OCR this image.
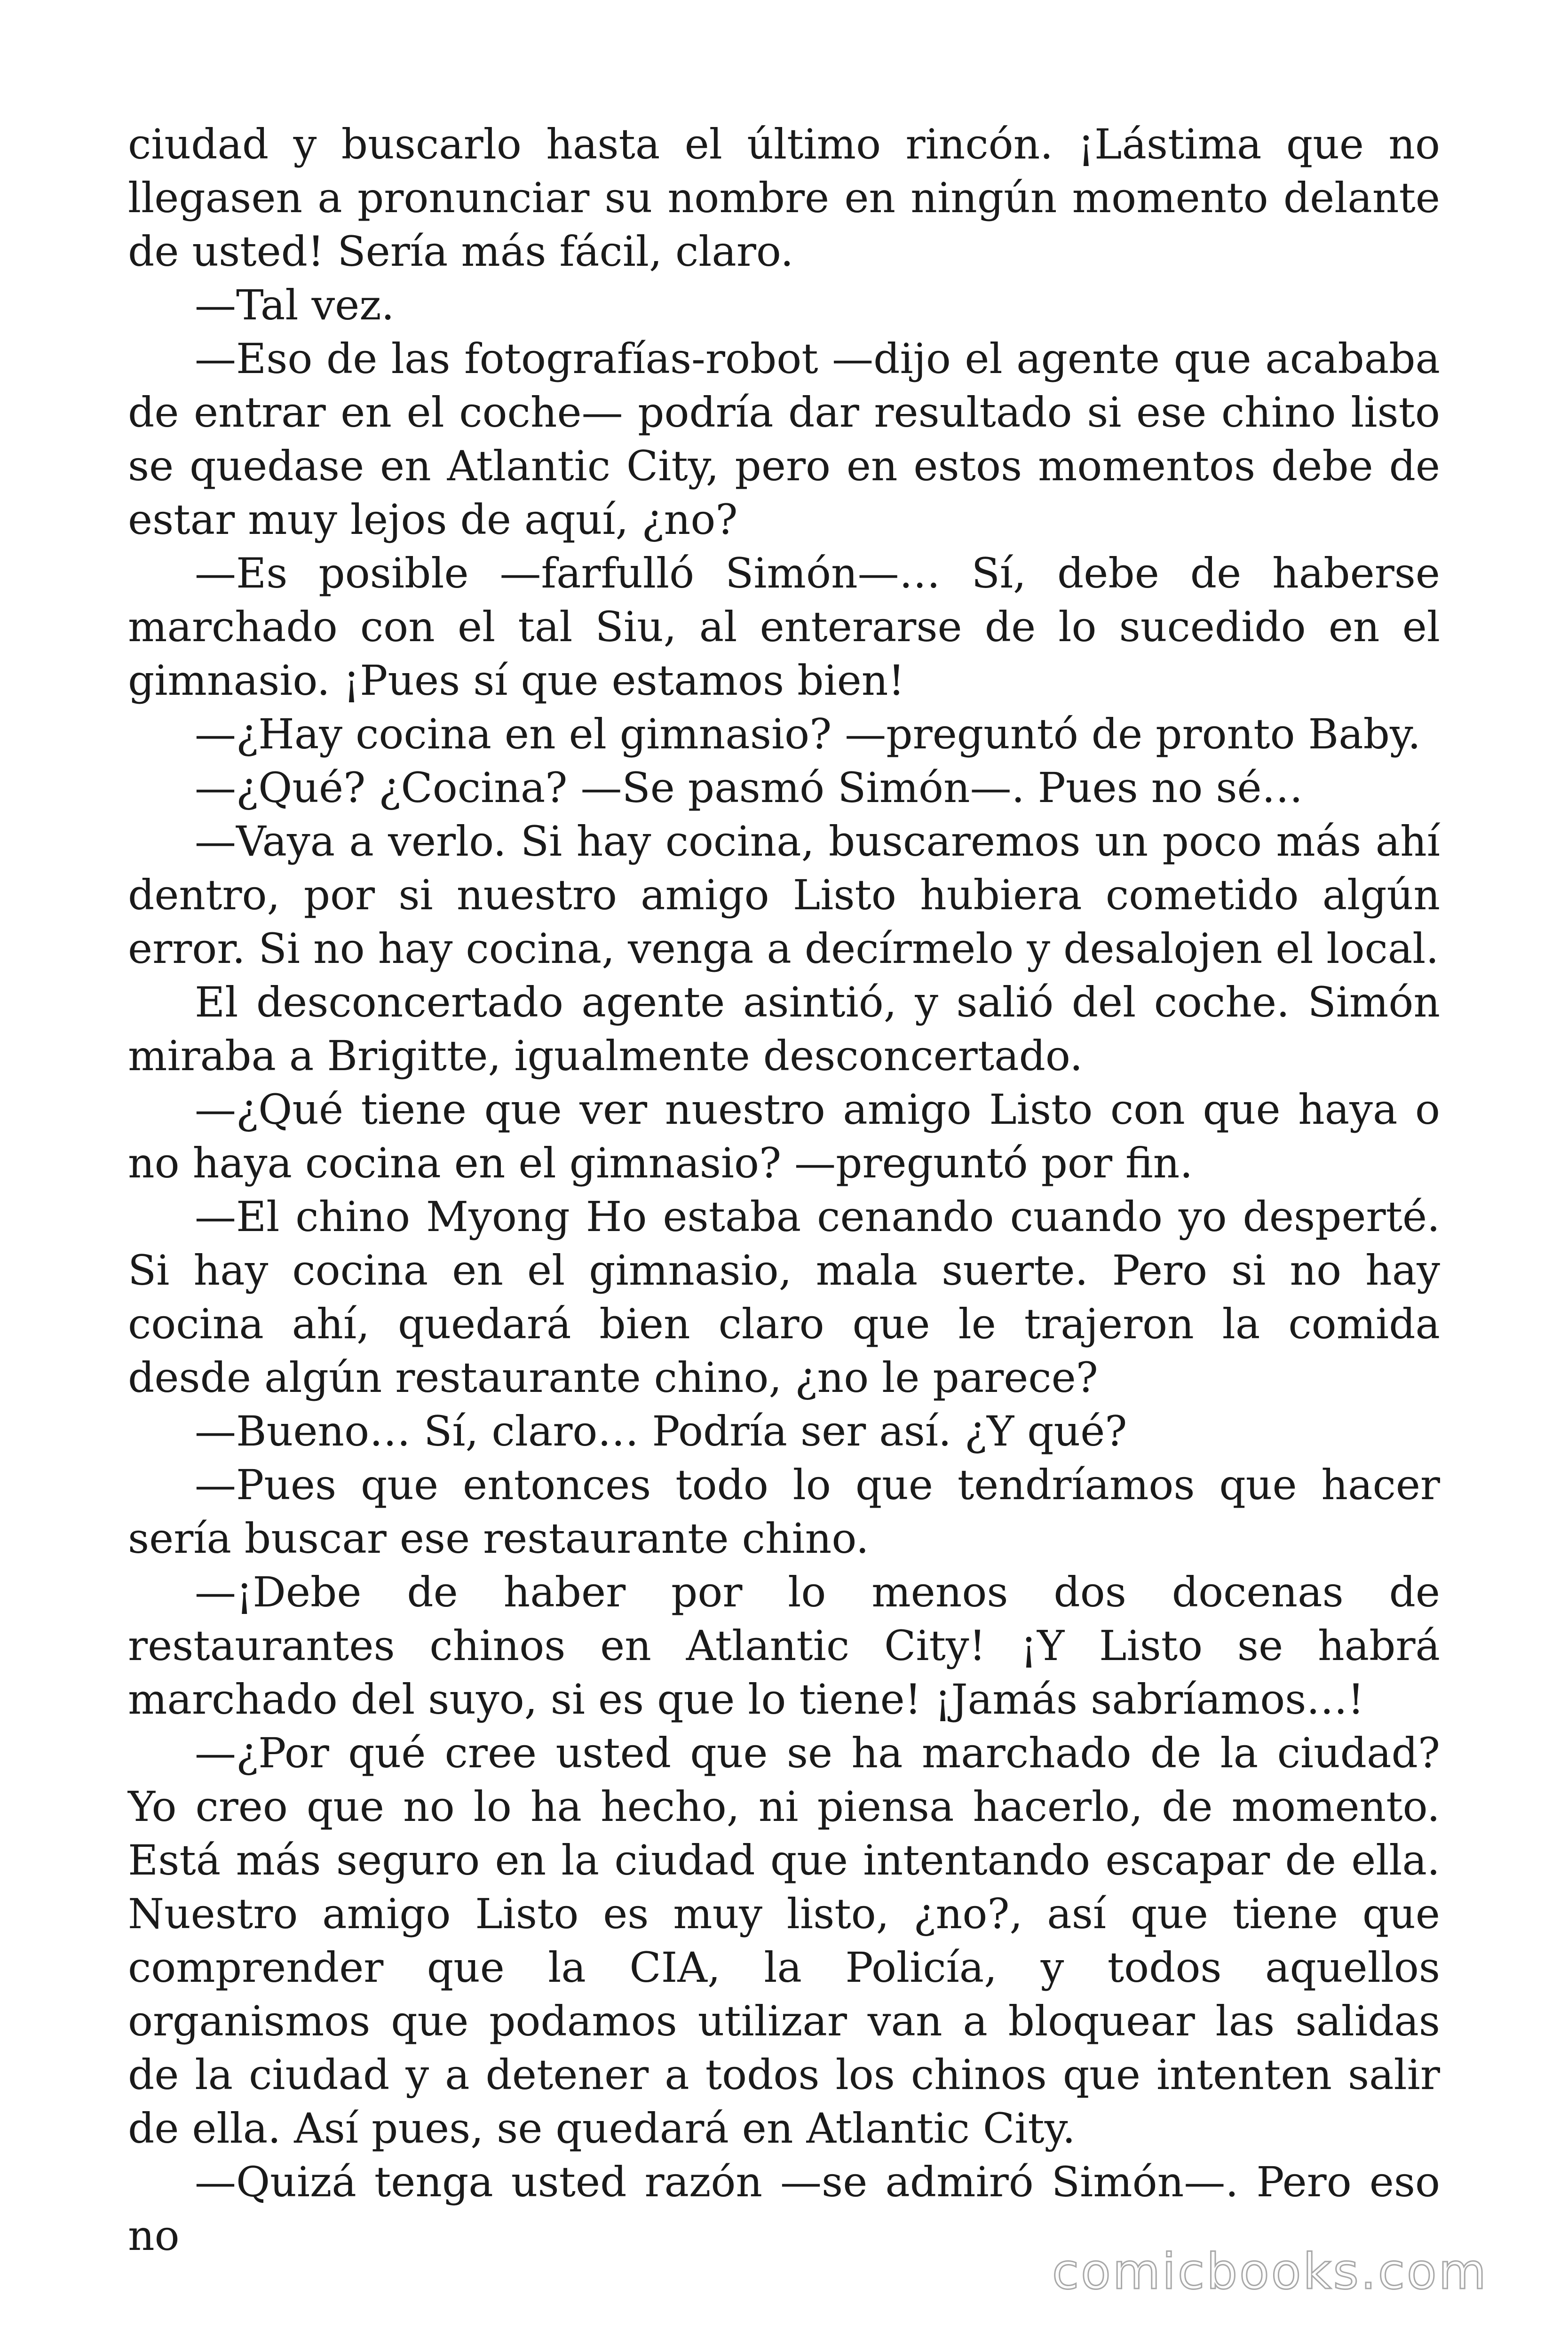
ciudad y buscarlo hasta el último rincón. ¡Lástima que no llegasen a pronunciar su nombre en ningún momento delante de usted! Sería más fácil, claro.

—Tal vez.

—Eso de las fotografías-robot —dijo el agente que acababa de entrar en el coche— podría dar resultado si ese chino listo se quedase en Atlantic City, pero en estos momentos debe de estar muy lejos de aquí, ¿no?

—Es posible —farfulló Simón—… Sí, debe de haberse marchado con el tal Siu, al enterarse de lo sucedido en el gimnasio. ¡Pues sí que estamos bien!

—¿Hay cocina en el gimnasio? —preguntó de pronto Baby.

—¿Qué? ¿Cocina? —Se pasmó Simón—. Pues no sé…

—Vaya a verlo. Si hay cocina, buscaremos un poco más ahí dentro, por si nuestro amigo Listo hubiera cometido algún error. Si no hay cocina, venga a decírmelo y desalojen el local.

El desconcertado agente asintió, y salió del coche. Simón miraba a Brigitte, igualmente desconcertado.

—¿Qué tiene que ver nuestro amigo Listo con que haya o no haya cocina en el gimnasio? —preguntó por fin.

—El chino Myong Ho estaba cenando cuando yo desperté. Si hay cocina en el gimnasio, mala suerte. Pero si no hay cocina ahí, quedará bien claro que le trajeron la comida desde algún restaurante chino, ¿no le parece?

—Bueno… Sí, claro… Podría ser así. ¿Y qué?

—Pues que entonces todo lo que tendríamos que hacer sería buscar ese restaurante chino.

—¡Debe de haber por lo menos dos docenas de restaurantes chinos en Atlantic City! ¡Y Listo se habrá marchado del suyo, si es que lo tiene! ¡Jamás sabríamos…!

—¿Por qué cree usted que se ha marchado de la ciudad? Yo creo que no lo ha hecho, ni piensa hacerlo, de momento. Está más seguro en la ciudad que intentando escapar de ella. Nuestro amigo Listo es muy listo, ¿no?, así que tiene que comprender que la CIA, la Policía, y todos aquellos organismos que podamos utilizar van a bloquear las salidas de la ciudad y a detener a todos los chinos que intenten salir de ella. Así pues, se quedará en Atlantic City.

—Quizá tenga usted razón —se admiró Simón—. Pero eso no

comicbooks.com
